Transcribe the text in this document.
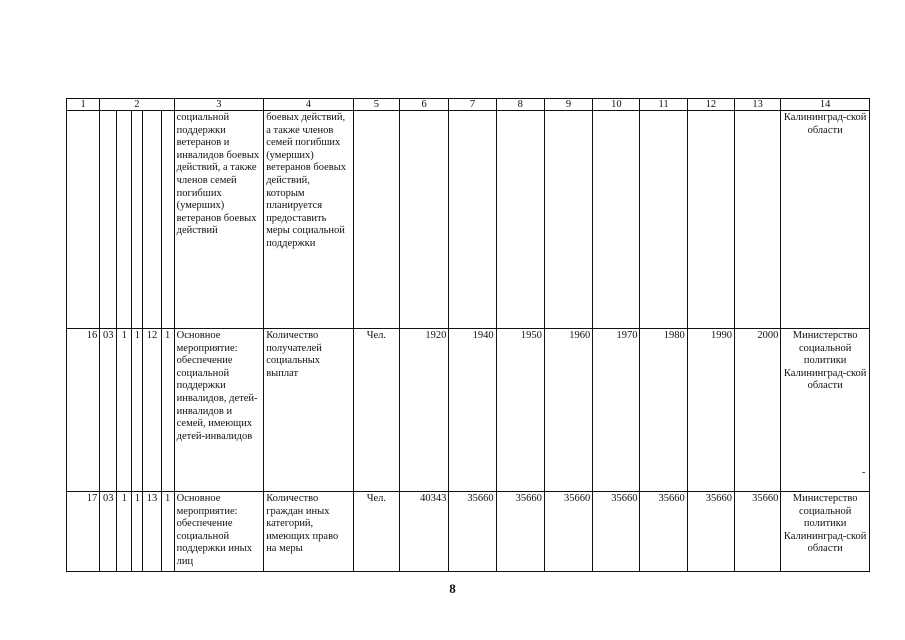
1	2					3	4	5	6	7	8	9	10	11	12	13	14
						социальной поддержки ветеранов и инвалидов боевых действий, а также членов семей погибших (умерших) ветеранов боевых действий	боевых действий, а также членов семей погибших (умерших) ветеранов боевых действий, которым планируется предоставить меры социальной поддержки										Калининград-ской области
16	03	1	1	12	1	Основное мероприятие: обеспечение социальной поддержки инвалидов, детей-инвалидов и семей, имеющих детей-инвалидов	Количество получателей социальных выплат	Чел.	1920	1940	1950	1960	1970	1980	1990	2000	Министерство социальной политики Калининград-ской области
17	03	1	1	13	1	Основное мероприятие: обеспечение социальной поддержки иных лиц	Количество граждан иных категорий, имеющих право на меры	Чел.	40343	35660	35660	35660	35660	35660	35660	35660	Министерство социальной политики Калининград-ской области
-
8
